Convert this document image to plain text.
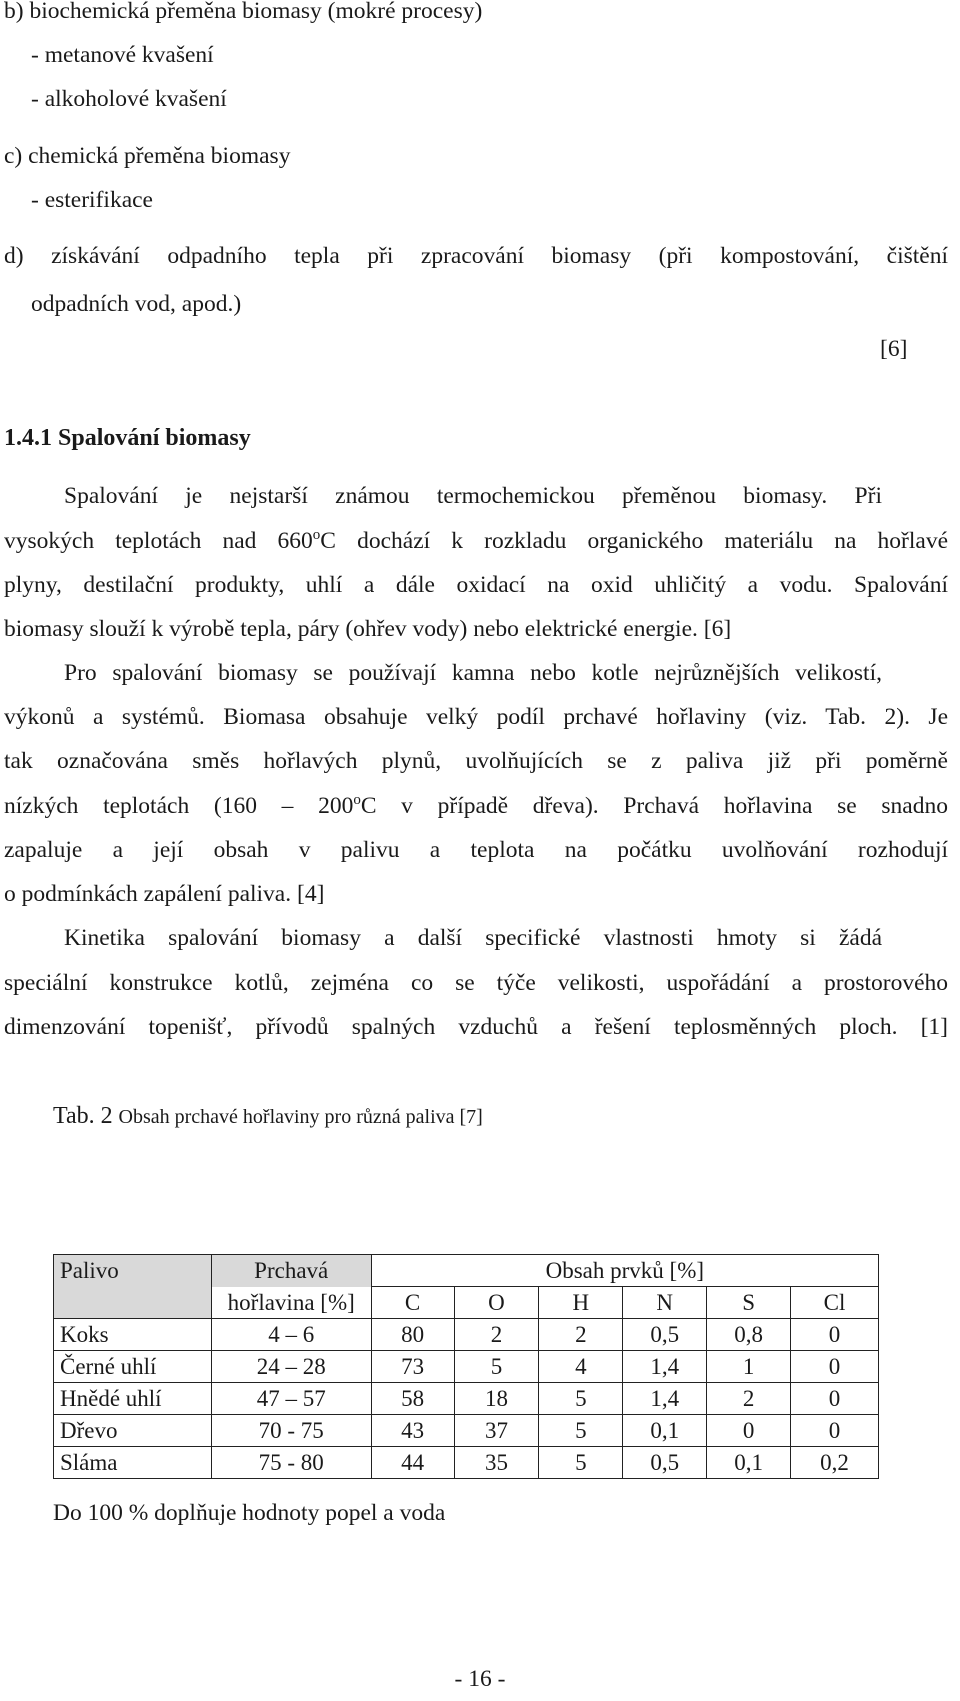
b) biochemická přeměna biomasy (mokré procesy)
- metanové kvašení
- alkoholové kvašení
c) chemická přeměna biomasy
- esterifikace
d) získávání odpadního tepla při zpracování biomasy (při kompostování, čištění
odpadních vod, apod.)
[6]
1.4.1 Spalování biomasy
Spalování je nejstarší známou termochemickou přeměnou biomasy. Při
vysokých teplotách nad 660$^o$C dochází k rozkladu organického materiálu na hořlavé
plyny, destilační produkty, uhlí a dále oxidací na oxid uhličitý a vodu. Spalování
biomasy slouží k výrobě tepla, páry (ohřev vody) nebo elektrické energie. [6]
Pro spalování biomasy se používají kamna nebo kotle nejrůznějších velikostí,
výkonů a systémů. Biomasa obsahuje velký podíl prchavé hořlaviny (viz. Tab. 2). Je
tak označována směs hořlavých plynů, uvolňujících se z paliva již při poměrně
nízkých teplotách (160 – 200$^o$C v případě dřeva). Prchavá hořlavina se snadno
zapaluje a její obsah v palivu a teplota na počátku uvolňování rozhodují
o podmínkách zapálení paliva. [4]
Kinetika spalování biomasy a další specifické vlastnosti hmoty si žádá
speciální konstrukce kotlů, zejména co se týče velikosti, uspořádání a prostorového
dimenzování topenišť, přívodů spalných vzduchů a řešení teplosměnných ploch. [1]
Tab. 2 Obsah prchavé hořlaviny pro různá paliva [7]
Palivo	Prchavá	Obsah prvků [%]					
	hořlavina [%]	C	O	H	N	S	Cl
Koks	4 – 6	80	2	2	0,5	0,8	0
Černé uhlí	24 – 28	73	5	4	1,4	1	0
Hnědé uhlí	47 – 57	58	18	5	1,4	2	0
Dřevo	70 - 75	43	37	5	0,1	0	0
Sláma	75 - 80	44	35	5	0,5	0,1	0,2
Do 100 % doplňuje hodnoty popel a voda
- 16 -
